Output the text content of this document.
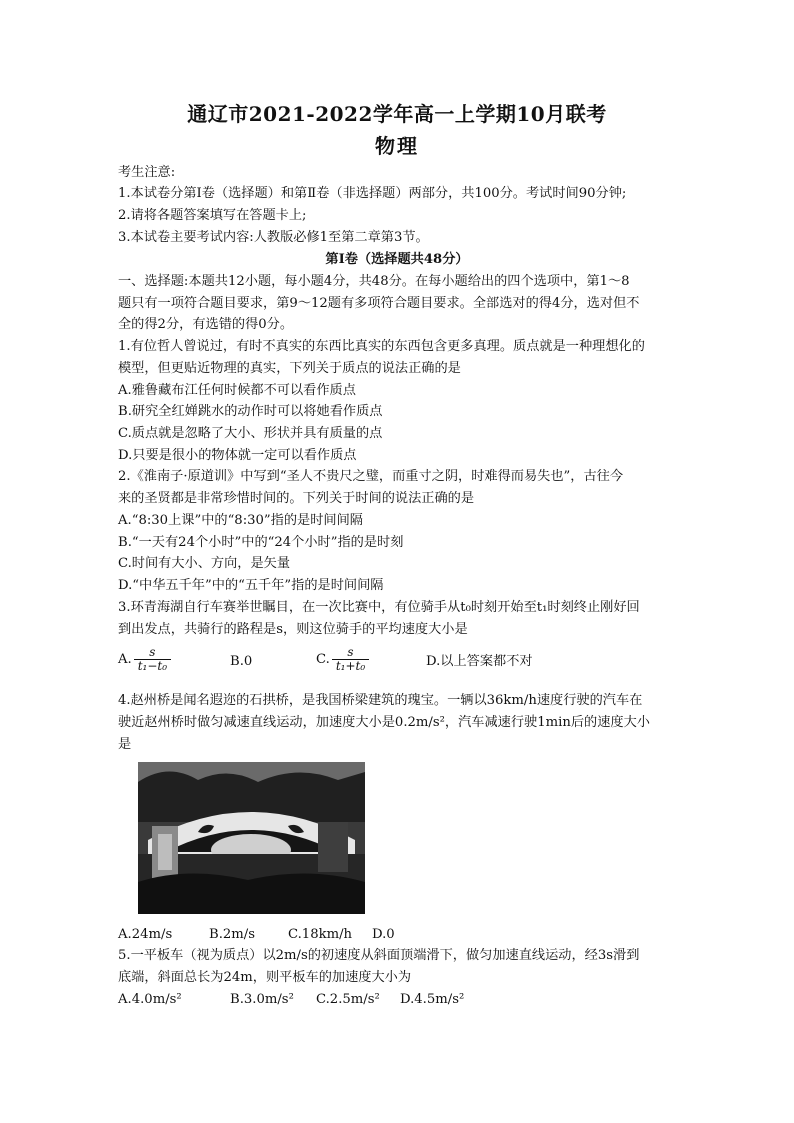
通辽市2021-2022学年高一上学期10月联考
物理
考生注意:
1.本试卷分第Ⅰ卷（选择题）和第Ⅱ卷（非选择题）两部分，共100分。考试时间90分钟;
2.请将各题答案填写在答题卡上;
3.本试卷主要考试内容:人教版必修1至第二章第3节。
第Ⅰ卷（选择题共48分）
一、选择题:本题共12小题，每小题4分，共48分。在每小题给出的四个选项中，第1～8
题只有一项符合题目要求，第9～12题有多项符合题目要求。全部选对的得4分，选对但不
全的得2分，有选错的得0分。
1.有位哲人曾说过，有时不真实的东西比真实的东西包含更多真理。质点就是一种理想化的
模型，但更贴近物理的真实，下列关于质点的说法正确的是
A.雅鲁藏布江任何时候都不可以看作质点
B.研究全红婵跳水的动作时可以将她看作质点
C.质点就是忽略了大小、形状并具有质量的点
D.只要是很小的物体就一定可以看作质点
2.《淮南子·原道训》中写到“圣人不贵尺之璧，而重寸之阴，时难得而易失也”，古往今
来的圣贤都是非常珍惜时间的。下列关于时间的说法正确的是
A.“8:30上课”中的“8:30”指的是时间间隔
B.“一天有24个小时”中的“24个小时”指的是时刻
C.时间有大小、方向，是矢量
D.“中华五千年”中的“五千年”指的是时间间隔
3.环青海湖自行车赛举世瞩目，在一次比赛中，有位骑手从t₀时刻开始至t₁时刻终止刚好回
到出发点，共骑行的路程是s，则这位骑手的平均速度大小是
A. $\frac{s}{\text{t₁−t₀}}$	B.0	C. $\frac{s}{\text{t₁+t₀}}$	D.以上答案都不对
4.赵州桥是闻名遐迩的石拱桥，是我国桥梁建筑的瑰宝。一辆以36km/h速度行驶的汽车在
驶近赵州桥时做匀减速直线运动，加速度大小是0.2m/s²，汽车减速行驶1min后的速度大小
是
A.24m/s	B.2m/s	C.18km/h D.0
5.一平板车（视为质点）以2m/s的初速度从斜面顶端滑下，做匀加速直线运动，经3s滑到
底端，斜面总长为24m，则平板车的加速度大小为
A.4.0m/s²	B.3.0m/s² C.2.5m/s² D.4.5m/s²
